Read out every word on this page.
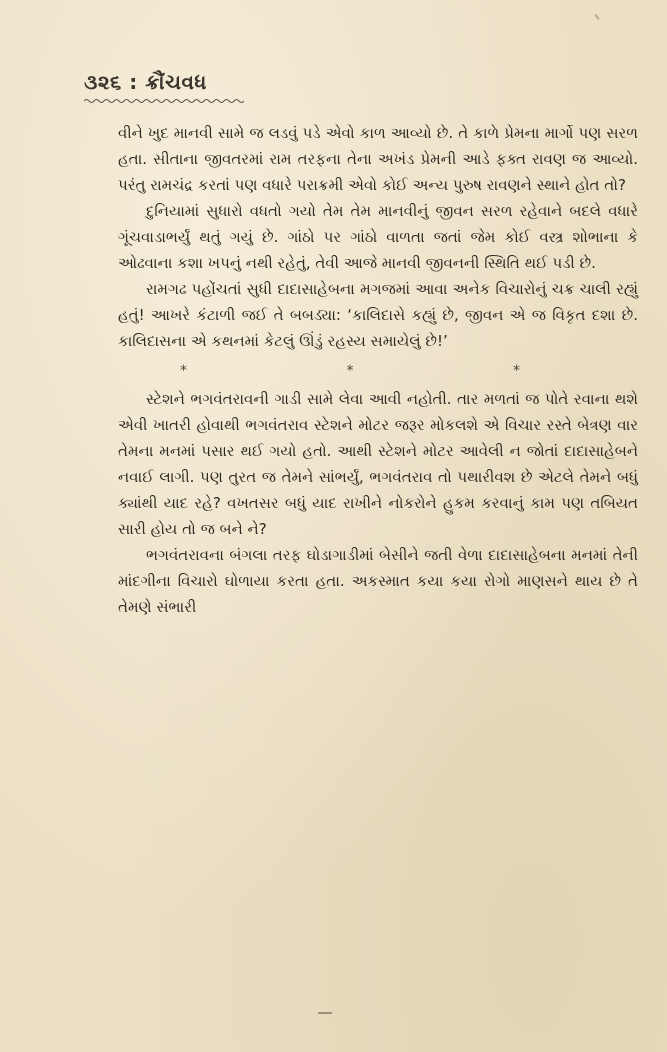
૩૨૬ : ક્રૌંચવધ

વીને ખુદ માનવી સામે જ લડવું પડે એવો કાળ આવ્યો છે. તે કાળે પ્રેમના માર્ગો પણ સરળ હતા. સીતાના જીવતરમાં રામ તરફના તેના અખંડ પ્રેમની આડે ફક્ત રાવણ જ આવ્યો. પરંતુ રામચંદ્ર કરતાં પણ વધારે પરાક્રમી એવો કોઈ અન્ય પુરુષ રાવણને સ્થાને હોત તો?

દુનિયામાં સુધારો વધતો ગયો તેમ તેમ માનવીનું જીવન સરળ રહેવાને બદલે વધારે ગૂંચવાડાભર્યું થતું ગયું છે. ગાંઠો પર ગાંઠો વાળતા જતાં જેમ કોઈ વસ્ત્ર શોભાના કે ઓઢવાના કશા ખપનું નથી રહેતું, તેવી આજે માનવી જીવનની સ્થિતિ થઈ પડી છે.

રામગઢ પહોંચતાં સુધી દાદાસાહેબના મગજમાં આવા અનેક વિચારોનું ચક્ર ચાલી રહ્યું હતું! આખરે કંટાળી જઈ તે બબડ્યા: ‘કાલિદાસે કહ્યું છે, જીવન એ જ વિકૃત દશા છે. કાલિદાસના એ કથનમાં કેટલું ઊંડું રહસ્ય સમાયેલું છે!’

*	*	*

સ્ટેશને ભગવંતરાવની ગાડી સામે લેવા આવી નહોતી. તાર મળતાં જ પોતે રવાના થશે એવી ખાતરી હોવાથી ભગવંતરાવ સ્ટેશને મોટર જરૂર મોકલશે એ વિચાર રસ્તે બેત્રણ વાર તેમના મનમાં પસાર થઈ ગયો હતો. આથી સ્ટેશને મોટર આવેલી ન જોતાં દાદાસાહેબને નવાઈ લાગી. પણ તુરત જ તેમને સાંભર્યું, ભગવંતરાવ તો પથારીવશ છે એટલે તેમને બધું ક્યાંથી યાદ રહે? વખતસર બધું યાદ રાખીને નોકરોને હુકમ કરવાનું કામ પણ તબિયત સારી હોય તો જ બને ને?

ભગવંતરાવના બંગલા તરફ ઘોડાગાડીમાં બેસીને જતી વેળા દાદાસાહેબના મનમાં તેની માંદગીના વિચારો ઘોળાયા કરતા હતા. અકસ્માત કયા કયા રોગો માણસને થાય છે તે તેમણે સંભારી
